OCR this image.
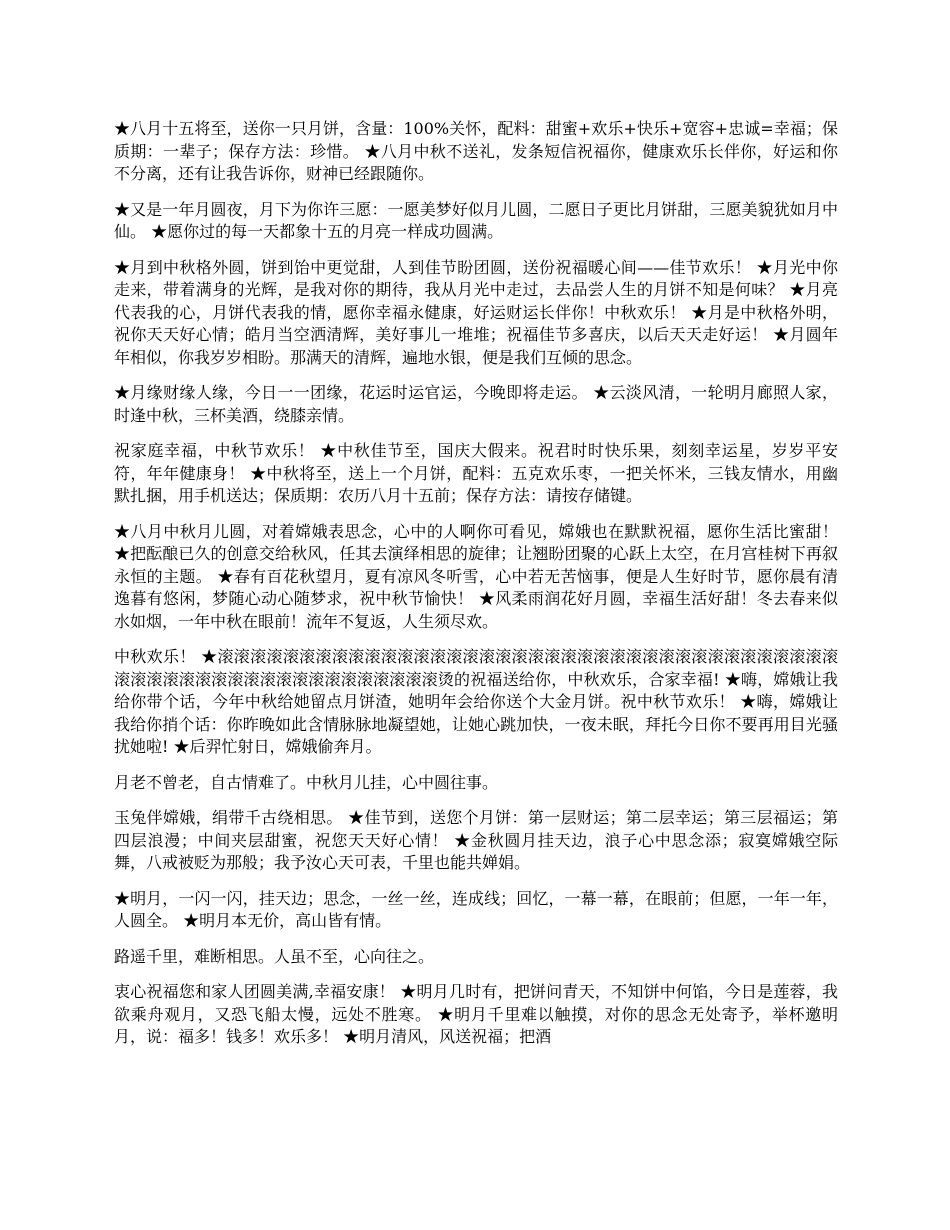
★八月十五将至，送你一只月饼，含量：100%关怀，配料：甜蜜+欢乐+快乐+宽容+忠诚=幸福；保质期：一辈子；保存方法：珍惜。 ★八月中秋不送礼，发条短信祝福你，健康欢乐长伴你，好运和你不分离，还有让我告诉你，财神已经跟随你。

★又是一年月圆夜，月下为你许三愿：一愿美梦好似月儿圆，二愿日子更比月饼甜，三愿美貌犹如月中仙。 ★愿你过的每一天都象十五的月亮一样成功圆满。

★月到中秋格外圆，饼到饴中更觉甜，人到佳节盼团圆，送份祝福暖心间——佳节欢乐！ ★月光中你走来，带着满身的光辉，是我对你的期待，我从月光中走过，去品尝人生的月饼不知是何味？ ★月亮代表我的心，月饼代表我的情，愿你幸福永健康，好运财运长伴你！中秋欢乐！ ★月是中秋格外明，祝你天天好心情；皓月当空洒清辉，美好事儿一堆堆；祝福佳节多喜庆，以后天天走好运！ ★月圆年年相似，你我岁岁相盼。那满天的清辉，遍地水银，便是我们互倾的思念。

★月缘财缘人缘，今日一一团缘，花运时运官运，今晚即将走运。 ★云淡风清，一轮明月廊照人家，时逢中秋，三杯美酒，绕膝亲情。

祝家庭幸福，中秋节欢乐！ ★中秋佳节至，国庆大假来。祝君时时快乐果，刻刻幸运星，岁岁平安符，年年健康身！ ★中秋将至，送上一个月饼，配料：五克欢乐枣，一把关怀米，三钱友情水，用幽默扎捆，用手机送达；保质期：农历八月十五前；保存方法：请按存储键。

★八月中秋月儿圆，对着嫦娥表思念，心中的人啊你可看见，嫦娥也在默默祝福，愿你生活比蜜甜！ ★把酝酿已久的创意交给秋风，任其去演绎相思的旋律；让翘盼团聚的心跃上太空，在月宫桂树下再叙永恒的主题。 ★春有百花秋望月，夏有凉风冬听雪，心中若无苦恼事，便是人生好时节，愿你晨有清逸暮有悠闲，梦随心动心随梦求，祝中秋节愉快！ ★风柔雨润花好月圆，幸福生活好甜！冬去春来似水如烟，一年中秋在眼前！流年不复返，人生须尽欢。

中秋欢乐！ ★滚滚滚滚滚滚滚滚滚滚滚滚滚滚滚滚滚滚滚滚滚滚滚滚滚滚滚滚滚滚滚滚滚滚滚滚滚滚滚滚滚滚滚滚滚滚滚滚滚滚滚滚滚滚滚滚滚滚烫的祝福送给你，中秋欢乐，合家幸福! ★嗨，嫦娥让我给你带个话，今年中秋给她留点月饼渣，她明年会给你送个大金月饼。祝中秋节欢乐！ ★嗨，嫦娥让我给你捎个话：你昨晚如此含情脉脉地凝望她，让她心跳加快，一夜未眠，拜托今日你不要再用目光骚扰她啦! ★后羿忙射日，嫦娥偷奔月。

月老不曾老，自古情难了。中秋月儿挂，心中圆往事。

玉兔伴嫦娥，绢带千古绕相思。 ★佳节到，送您个月饼：第一层财运；第二层幸运；第三层福运；第四层浪漫；中间夹层甜蜜，祝您天天好心情！ ★金秋圆月挂天边，浪子心中思念添；寂寞嫦娥空际舞，八戒被贬为那般；我予汝心天可表，千里也能共婵娟。

★明月，一闪一闪，挂天边；思念，一丝一丝，连成线；回忆，一幕一幕，在眼前；但愿，一年一年，人圆全。 ★明月本无价，高山皆有情。

路遥千里，难断相思。人虽不至，心向往之。

衷心祝福您和家人团圆美满,幸福安康！ ★明月几时有，把饼问青天，不知饼中何馅，今日是莲蓉，我欲乘舟观月，又恐飞船太慢，远处不胜寒。 ★明月千里难以触摸，对你的思念无处寄予，举杯邀明月，说：福多！钱多！欢乐多！ ★明月清风，风送祝福；把酒
